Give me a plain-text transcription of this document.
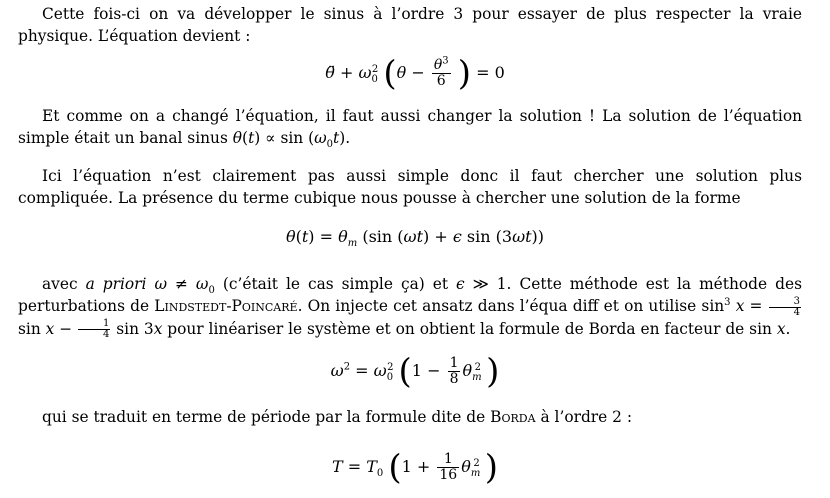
Cette fois-ci on va développer le sinus à l’ordre 3 pour essayer de plus respecter la vraie physique. L’équation devient :
θ̈ + $\omega_0^2$ ($\theta - \frac{\theta^3}{6}$ ) = 0
Et comme on a changé l’équation, il faut aussi changer la solution ! La solution de l’équation simple était un banal sinus $\theta(t) \propto \sin (\omega_0t)$.
Ici l’équation n’est clairement pas aussi simple donc il faut chercher une solution plus compliquée. La présence du terme cubique nous pousse à chercher une solution de la forme
$\theta(t) = \theta_m$ (sin (ωt) + ϵ sin (3ωt))
avec a priori $\omega \ne \omega_0$ (c’était le cas simple ça) et ϵ ≫ 1. Cette méthode est la méthode des perturbations de Lindstedt-Poincaré. On injecte cet ansatz dans l’équa diff et on utilise $\sin^3 x = \frac{3}{4}$
$\sin x - \frac{1}{4}$ sin 3x pour linéariser le système et on obtient la formule de Borda en facteur de sin x.
$\omega^2 = \omega_0^2$ ($1 - \frac{1}{8} \theta_m^2$ )
qui se traduit en terme de période par la formule dite de Borda à l’ordre 2 :
$T = T_0$ ($1 + \frac{1}{16} \theta_m^2$ )
